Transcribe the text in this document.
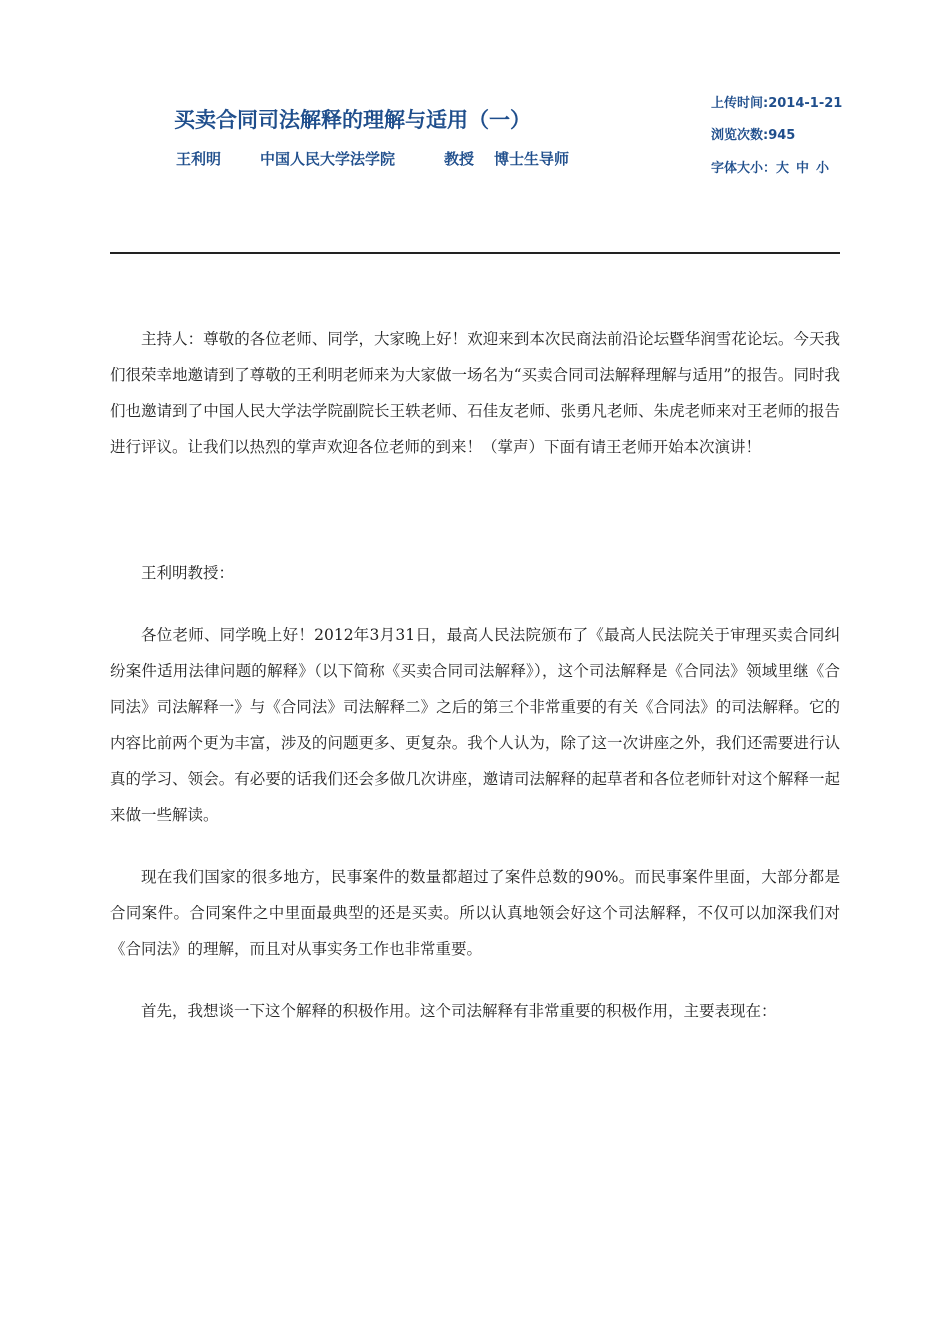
买卖合同司法解释的理解与适用（一）
王利明	中国人民大学法学院	教授 博士生导师
上传时间:2014-1-21
浏览次数:945
字体大小：大 中 小

主持人：尊敬的各位老师、同学，大家晚上好！欢迎来到本次民商法前沿论坛暨华润雪花论坛。今天我们很荣幸地邀请到了尊敬的王利明老师来为大家做一场名为“买卖合同司法解释理解与适用”的报告。同时我们也邀请到了中国人民大学法学院副院长王轶老师、石佳友老师、张勇凡老师、朱虎老师来对王老师的报告进行评议。让我们以热烈的掌声欢迎各位老师的到来！（掌声）下面有请王老师开始本次演讲！

王利明教授：

各位老师、同学晚上好！2012年3月31日，最高人民法院颁布了《最高人民法院关于审理买卖合同纠纷案件适用法律问题的解释》（以下简称《买卖合同司法解释》），这个司法解释是《合同法》领域里继《合同法》司法解释一》与《合同法》司法解释二》之后的第三个非常重要的有关《合同法》的司法解释。它的内容比前两个更为丰富，涉及的问题更多、更复杂。我个人认为，除了这一次讲座之外，我们还需要进行认真的学习、领会。有必要的话我们还会多做几次讲座，邀请司法解释的起草者和各位老师针对这个解释一起来做一些解读。

现在我们国家的很多地方，民事案件的数量都超过了案件总数的90%。而民事案件里面，大部分都是合同案件。合同案件之中里面最典型的还是买卖。所以认真地领会好这个司法解释，不仅可以加深我们对《合同法》的理解，而且对从事实务工作也非常重要。

首先，我想谈一下这个解释的积极作用。这个司法解释有非常重要的积极作用，主要表现在：
